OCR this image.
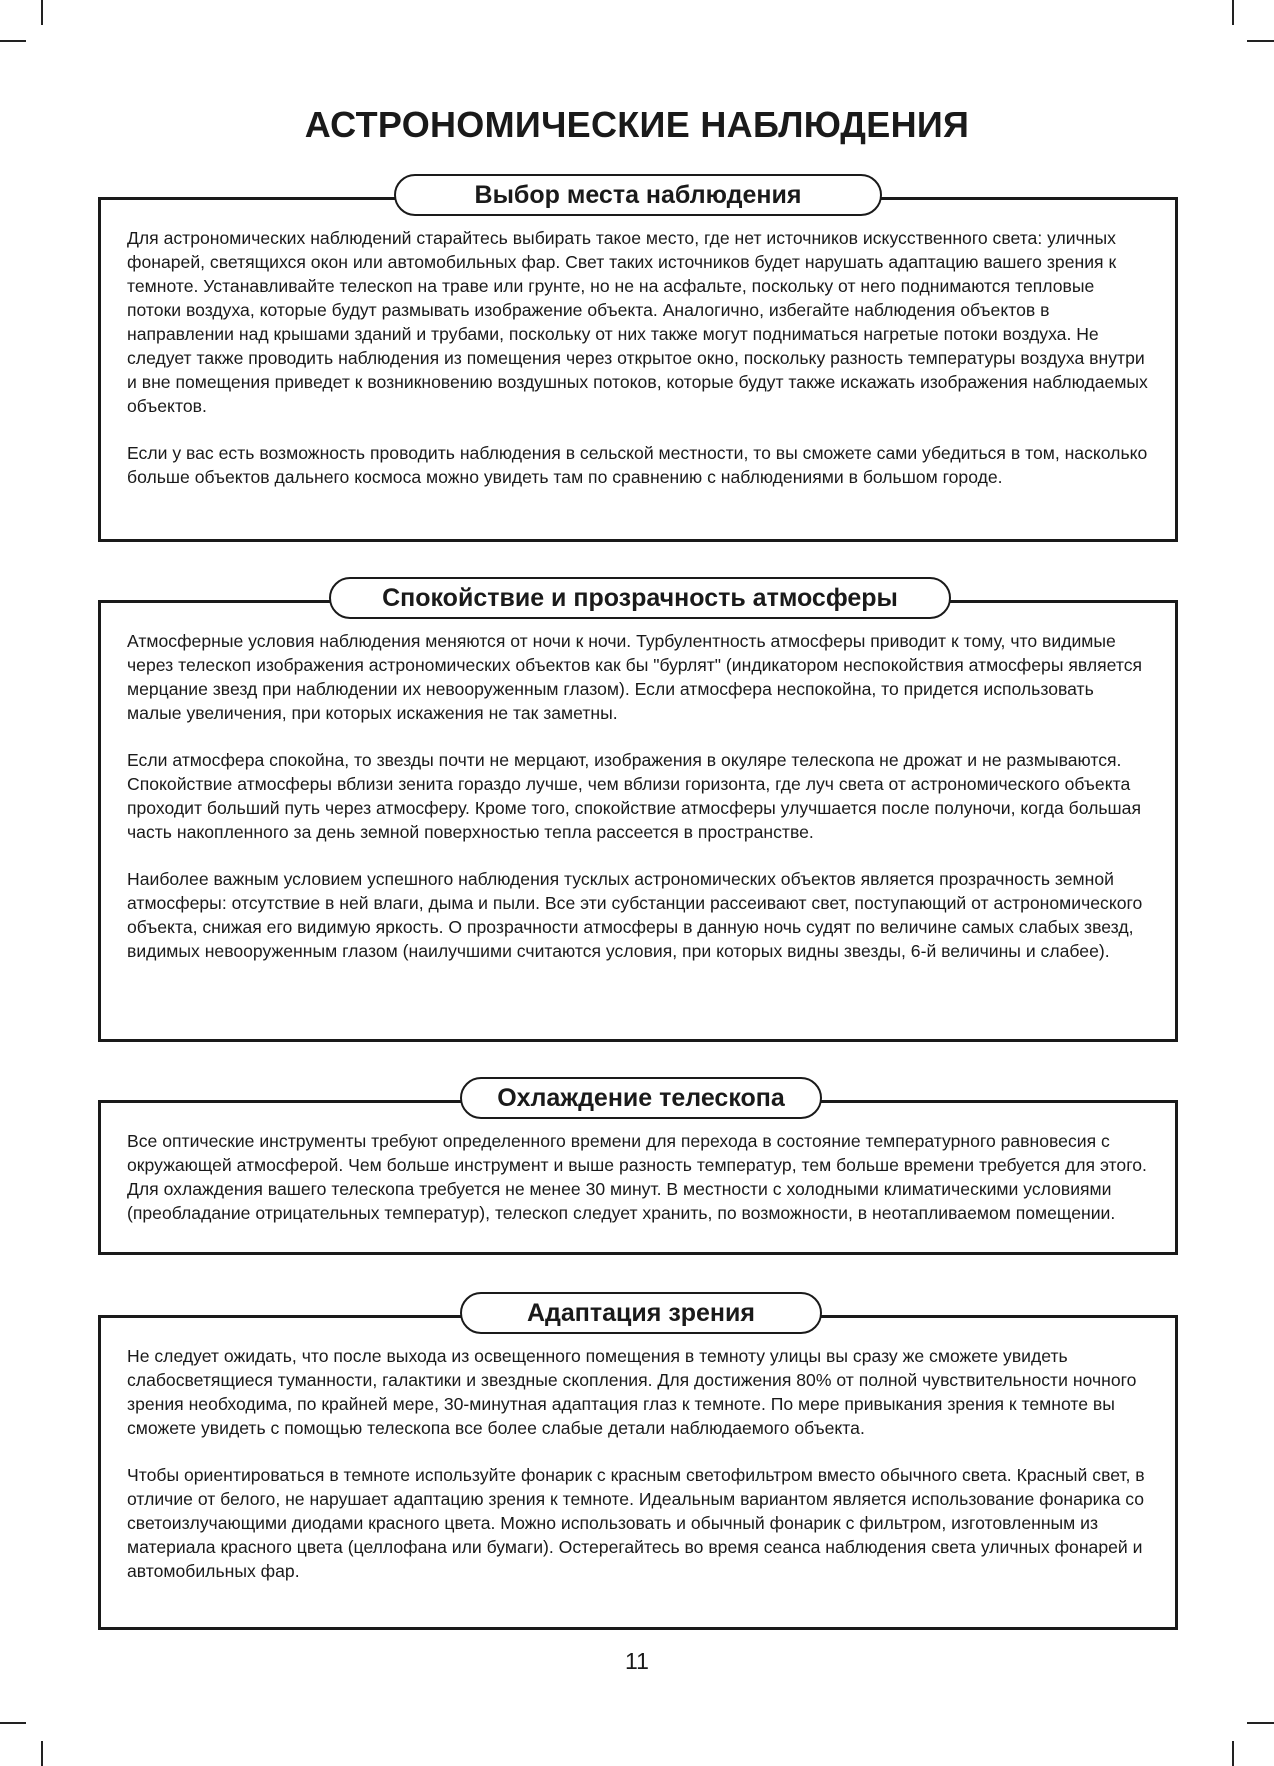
АСТРОНОМИЧЕСКИЕ НАБЛЮДЕНИЯ
Выбор места наблюдения

Для астрономических наблюдений старайтесь выбирать такое место, где нет источников искусственного света: уличных фонарей, светящихся окон или автомобильных фар. Свет таких источников будет нарушать адаптацию вашего зрения к темноте. Устанавливайте телескоп на траве или грунте, но не на асфальте, поскольку от него поднимаются тепловые потоки воздуха, которые будут размывать изображение объекта. Аналогично, избегайте наблюдения объектов в направлении над крышами зданий и трубами, поскольку от них также могут подниматься нагретые потоки воздуха. Не следует также проводить наблюдения из помещения через открытое окно, поскольку разность температуры воздуха внутри и вне помещения приведет к возникновению воздушных потоков, которые будут также искажать изображения наблюдаемых объектов.

Если у вас есть возможность проводить наблюдения в сельской местности, то вы сможете сами убедиться в том, насколько больше объектов дальнего космоса можно увидеть там по сравнению с наблюдениями в большом городе.

Спокойствие и прозрачность атмосферы

Атмосферные условия наблюдения меняются от ночи к ночи. Турбулентность атмосферы приводит к тому, что видимые через телескоп изображения астрономических объектов как бы "бурлят" (индикатором неспокойствия атмосферы является мерцание звезд при наблюдении их невооруженным глазом). Если атмосфера неспокойна, то придется использовать малые увеличения, при которых искажения не так заметны.

Если атмосфера спокойна, то звезды почти не мерцают, изображения в окуляре телескопа не дрожат и не размываются. Спокойствие атмосферы вблизи зенита гораздо лучше, чем вблизи горизонта, где луч света от астрономического объекта проходит больший путь через атмосферу. Кроме того, спокойствие атмосферы улучшается после полуночи, когда большая часть накопленного за день земной поверхностью тепла рассеется в пространстве.

Наиболее важным условием успешного наблюдения тусклых астрономических объектов является прозрачность земной атмосферы: отсутствие в ней влаги, дыма и пыли. Все эти субстанции рассеивают свет, поступающий от астрономического объекта, снижая его видимую яркость. О прозрачности атмосферы в данную ночь судят по величине самых слабых звезд, видимых невооруженным глазом (наилучшими считаются условия, при которых видны звезды, 6-й величины и слабее).

Охлаждение телескопа

Все оптические инструменты требуют определенного времени для перехода в состояние температурного равновесия с окружающей атмосферой. Чем больше инструмент и выше разность температур, тем больше времени требуется для этого. Для охлаждения вашего телескопа требуется не менее 30 минут. В местности с холодными климатическими условиями (преобладание отрицательных температур), телескоп следует хранить, по возможности, в неотапливаемом помещении.

Адаптация зрения

Не следует ожидать, что после выхода из освещенного помещения в темноту улицы вы сразу же сможете увидеть слабосветящиеся туманности, галактики и звездные скопления. Для достижения 80% от полной чувствительности ночного зрения необходима, по крайней мере, 30-минутная адаптация глаз к темноте. По мере привыкания зрения к темноте вы сможете увидеть с помощью телескопа все более слабые детали наблюдаемого объекта.

Чтобы ориентироваться в темноте используйте фонарик с красным светофильтром вместо обычного света. Красный свет, в отличие от белого, не нарушает адаптацию зрения к темноте. Идеальным вариантом является использование фонарика со светоизлучающими диодами красного цвета. Можно использовать и обычный фонарик с фильтром, изготовленным из материала красного цвета (целлофана или бумаги). Остерегайтесь во время сеанса наблюдения света уличных фонарей и автомобильных фар.

11
